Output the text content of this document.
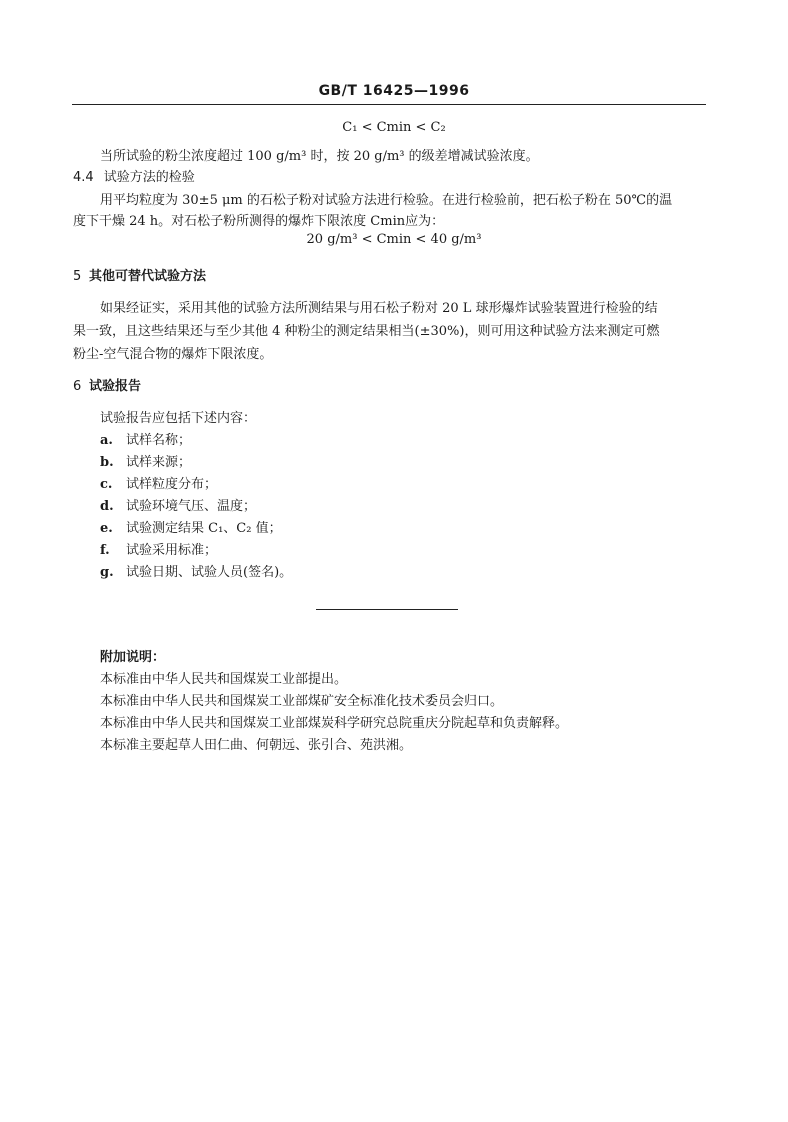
GB/T 16425—1996
C₁ < Cmin < C₂
当所试验的粉尘浓度超过 100 g/m³ 时，按 20 g/m³ 的级差增减试验浓度。
4.4 试验方法的检验
用平均粒度为 30±5 μm 的石松子粉对试验方法进行检验。在进行检验前，把石松子粉在 50℃的温
度下干燥 24 h。对石松子粉所测得的爆炸下限浓度 Cmin应为：
20 g/m³ < Cmin < 40 g/m³
5 其他可替代试验方法
如果经证实，采用其他的试验方法所测结果与用石松子粉对 20 L 球形爆炸试验装置进行检验的结
果一致，且这些结果还与至少其他 4 种粉尘的测定结果相当(±30%)，则可用这种试验方法来测定可燃
粉尘-空气混合物的爆炸下限浓度。
6 试验报告
试验报告应包括下述内容：
a. 试样名称；
b. 试样来源；
c. 试样粒度分布；
d. 试验环境气压、温度；
e. 试验测定结果 C₁、C₂ 值；
f. 试验采用标准；
g. 试验日期、试验人员(签名)。
附加说明：
本标准由中华人民共和国煤炭工业部提出。
本标准由中华人民共和国煤炭工业部煤矿安全标准化技术委员会归口。
本标准由中华人民共和国煤炭工业部煤炭科学研究总院重庆分院起草和负责解释。
本标准主要起草人田仁曲、何朝远、张引合、苑洪湘。
